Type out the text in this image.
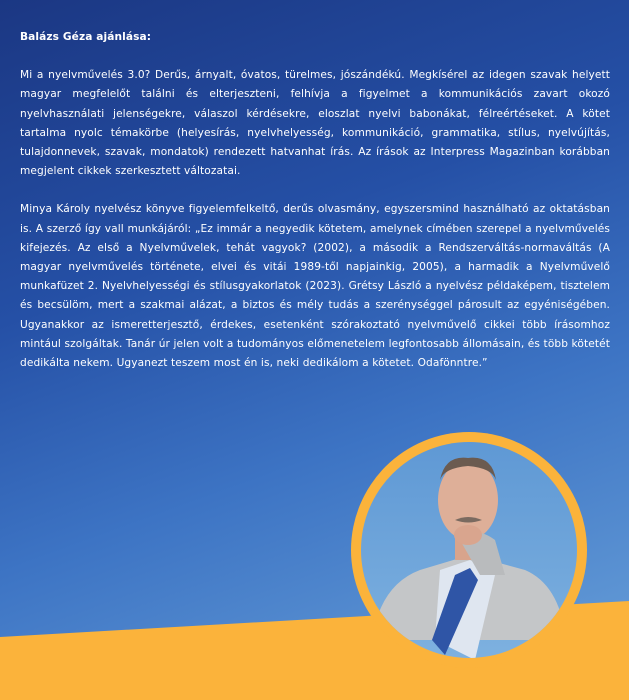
Balázs Géza ajánlása:

Mi a nyelvművelés 3.0? Derűs, árnyalt, óvatos, türelmes, jószándékú. Megkísérel az idegen szavak helyett magyar megfelelőt találni és elterjeszteni, felhívja a figyelmet a kommunikációs zavart okozó nyelvhasználati jelenségekre, válaszol kérdésekre, eloszlat nyelvi babonákat, félreértéseket. A kötet tartalma nyolc témakörbe (helyesírás, nyelvhelyesség, kommunikáció, grammatika, stílus, nyelvújítás, tulajdonnevek, szavak, mondatok) rendezett hatvanhat írás. Az írások az Interpress Magazinban korábban megjelent cikkek szerkesztett változatai.

Minya Károly nyelvész könyve figyelemfelkeltő, derűs olvasmány, egyszersmind használható az oktatásban is. A szerző így vall munkájáról: „Ez immár a negyedik kötetem, amelynek címében szerepel a nyelvművelés kifejezés. Az első a Nyelvművelek, tehát vagyok? (2002), a második a Rendszerváltás-normaváltás (A magyar nyelvművelés története, elvei és vitái 1989-től napjainkig, 2005), a harmadik a Nyelvművelő munkafüzet 2. Nyelvhelyességi és stílusgyakorlatok (2023). Grétsy László a nyelvész példaképem, tisztelem és becsülöm, mert a szakmai alázat, a biztos és mély tudás a szerénységgel párosult az egyéniségében. Ugyanakkor az ismeretterjesztő, érdekes, esetenként szórakoztató nyelvművelő cikkei több írásomhoz mintául szolgáltak. Tanár úr jelen volt a tudományos előmenetelem legfontosabb állomásain, és több kötetét dedikálta nekem. Ugyanezt teszem most én is, neki dedikálom a kötetet. Odafönntre.”
